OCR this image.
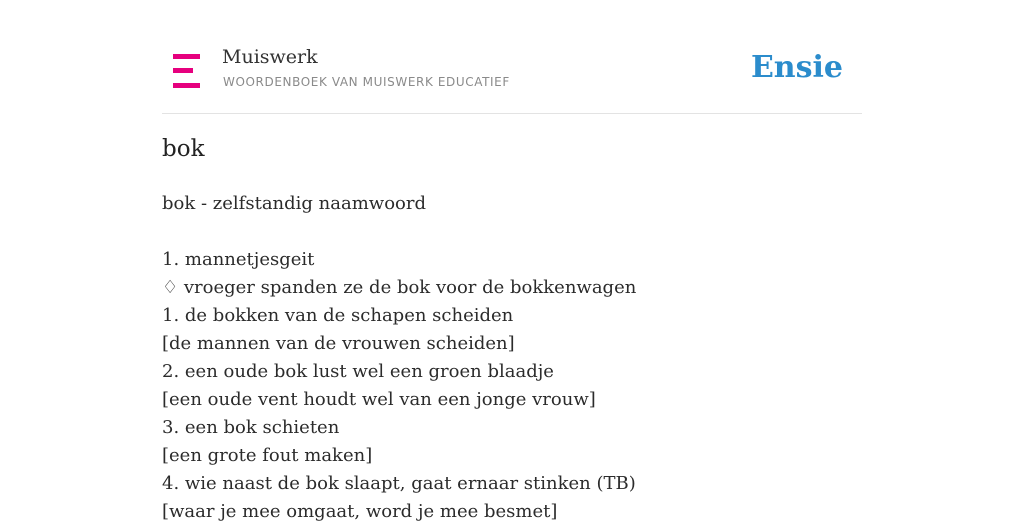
Muiswerk
WOORDENBOEK VAN MUISWERK EDUCATIEF	Ensie
bok
bok - zelfstandig naamwoord
1. mannetjesgeit
♢ vroeger spanden ze de bok voor de bokkenwagen
1. de bokken van de schapen scheiden
[de mannen van de vrouwen scheiden]
2. een oude bok lust wel een groen blaadje
[een oude vent houdt wel van een jonge vrouw]
3. een bok schieten
[een grote fout maken]
4. wie naast de bok slaapt, gaat ernaar stinken (TB)
[waar je mee omgaat, word je mee besmet]
